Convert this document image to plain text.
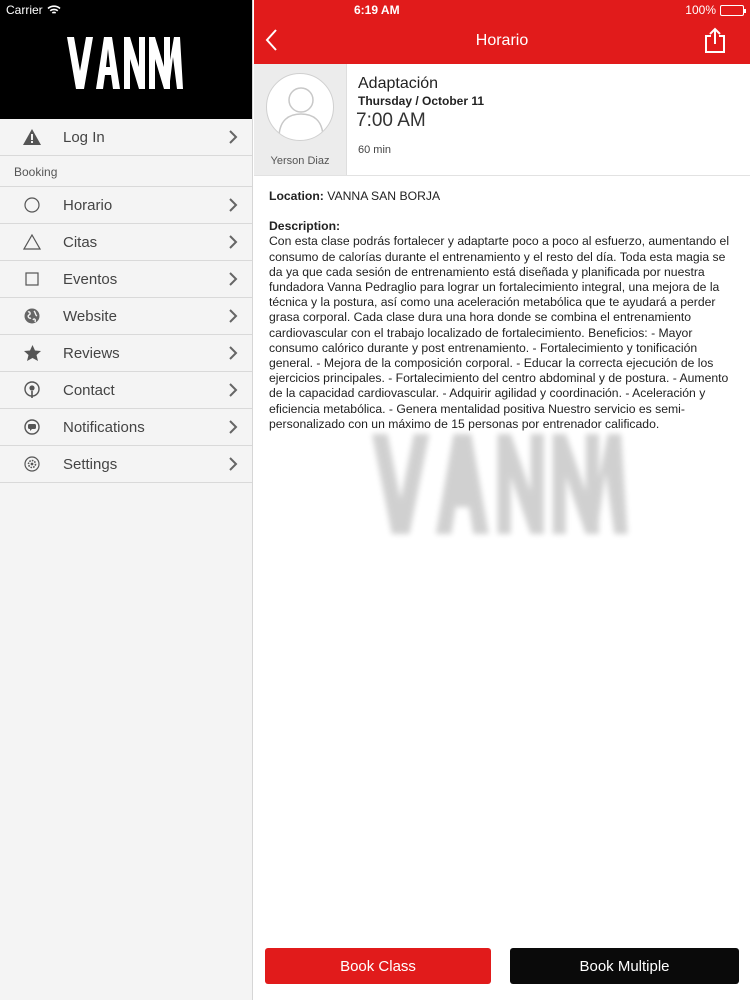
Log In
Booking
Horario
Citas
Eventos
Website
Reviews
Contact
Notifications
Settings
Carrier	6:19 AM	100%
Horario
Yerson Diaz
Adaptación
Thursday / October 11
7:00 AM
60 min
Location: VANNA SAN BORJA
Description:
Con esta clase podrás fortalecer y adaptarte poco a poco al esfuerzo, aumentando el consumo de calorías durante el entrenamiento y el resto del día. Toda esta magia se da ya que cada sesión de entrenamiento está diseñada y planificada por nuestra fundadora Vanna Pedraglio para lograr un fortalecimiento integral, una mejora de la técnica y la postura, así como una aceleración metabólica que te ayudará a perder grasa corporal. Cada clase dura una hora donde se combina el entrenamiento cardiovascular con el trabajo localizado de fortalecimiento. Beneficios: - Mayor consumo calórico durante y post entrenamiento. - Fortalecimiento y tonificación general. - Mejora de la composición corporal. - Educar la correcta ejecución de los ejercicios principales. - Fortalecimiento del centro abdominal y de postura. - Aumento de la capacidad cardiovascular. - Adquirir agilidad y coordinación. - Aceleración y eficiencia metabólica. - Genera mentalidad positiva Nuestro servicio es semi-personalizado con un máximo de 15 personas por entrenador calificado.
Book Class	Book Multiple
